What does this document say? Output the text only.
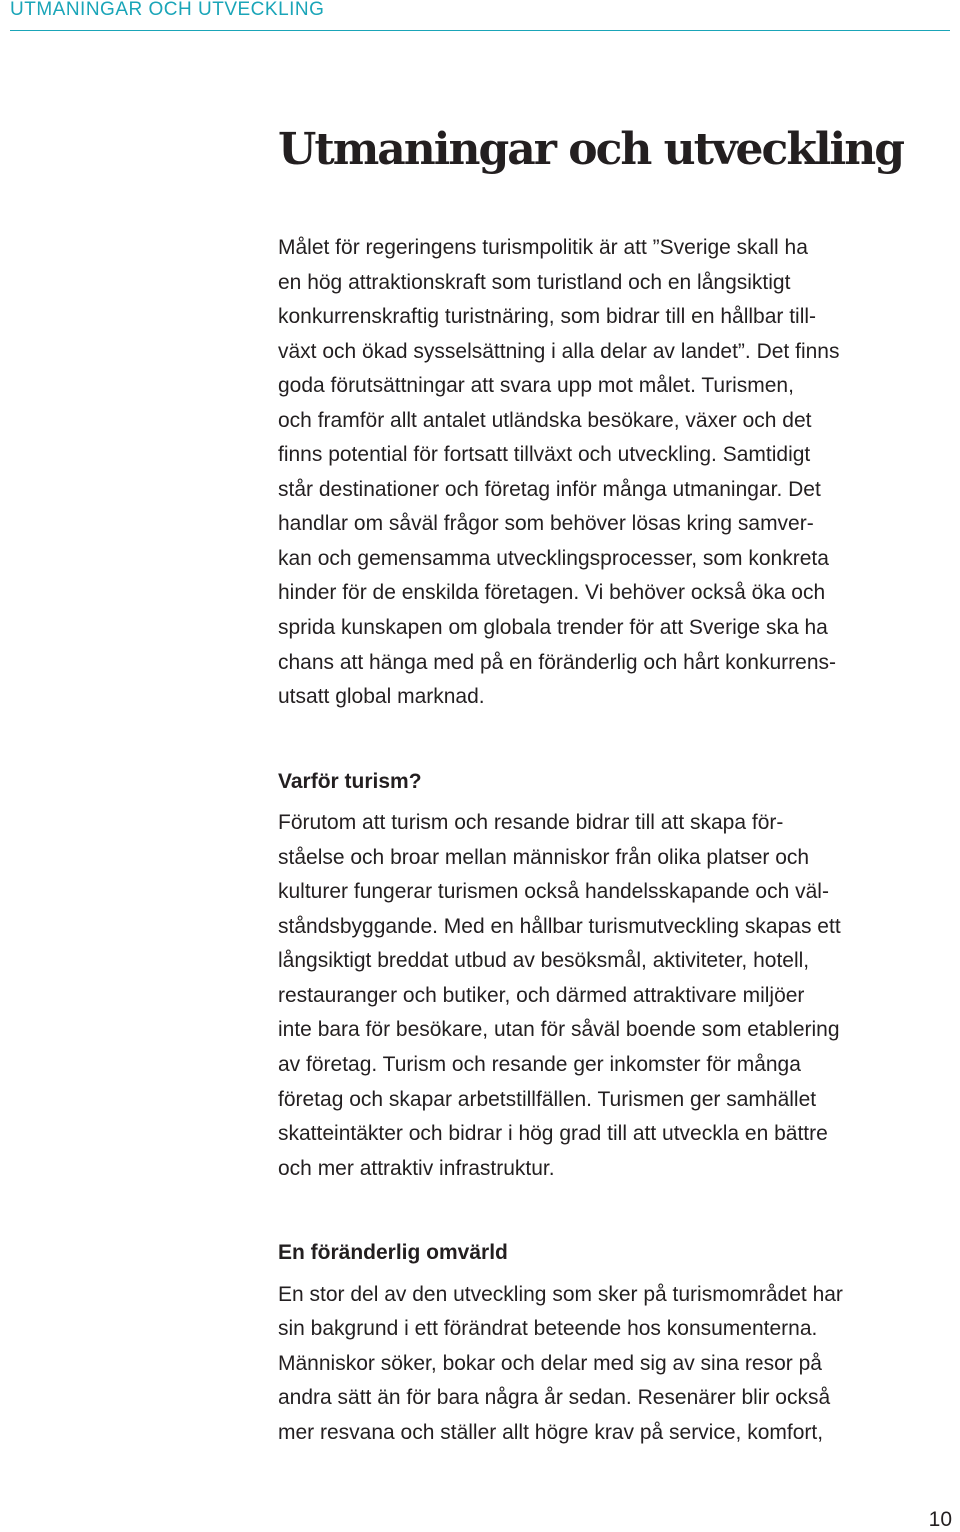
UTMANINGAR OCH UTVECKLING
Utmaningar och utveckling
Målet för regeringens turismpolitik är att ”Sverige skall ha
en hög attraktionskraft som turistland och en långsiktigt
konkurrenskraftig turistnäring, som bidrar till en hållbar till-
växt och ökad sysselsättning i alla delar av landet”. Det finns
goda förutsättningar att svara upp mot målet. Turismen,
och framför allt antalet utländska besökare, växer och det
finns potential för fortsatt tillväxt och utveckling. Samtidigt
står destinationer och företag inför många utmaningar. Det
handlar om såväl frågor som behöver lösas kring samver-
kan och gemensamma utvecklingsprocesser, som konkreta
hinder för de enskilda företagen. Vi behöver också öka och
sprida kunskapen om globala trender för att Sverige ska ha
chans att hänga med på en föränderlig och hårt konkurrens-
utsatt global marknad.
Varför turism?
Förutom att turism och resande bidrar till att skapa för-
ståelse och broar mellan människor från olika platser och
kulturer fungerar turismen också handelsskapande och väl-
ståndsbyggande. Med en hållbar turismutveckling skapas ett
långsiktigt breddat utbud av besöksmål, aktiviteter, hotell,
restauranger och butiker, och därmed attraktivare miljöer
inte bara för besökare, utan för såväl boende som etablering
av företag. Turism och resande ger inkomster för många
företag och skapar arbetstillfällen. Turismen ger samhället
skatteintäkter och bidrar i hög grad till att utveckla en bättre
och mer attraktiv infrastruktur.
En föränderlig omvärld
En stor del av den utveckling som sker på turismområdet har
sin bakgrund i ett förändrat beteende hos konsumenterna.
Människor söker, bokar och delar med sig av sina resor på
andra sätt än för bara några år sedan. Resenärer blir också
mer resvana och ställer allt högre krav på service, komfort,
10
